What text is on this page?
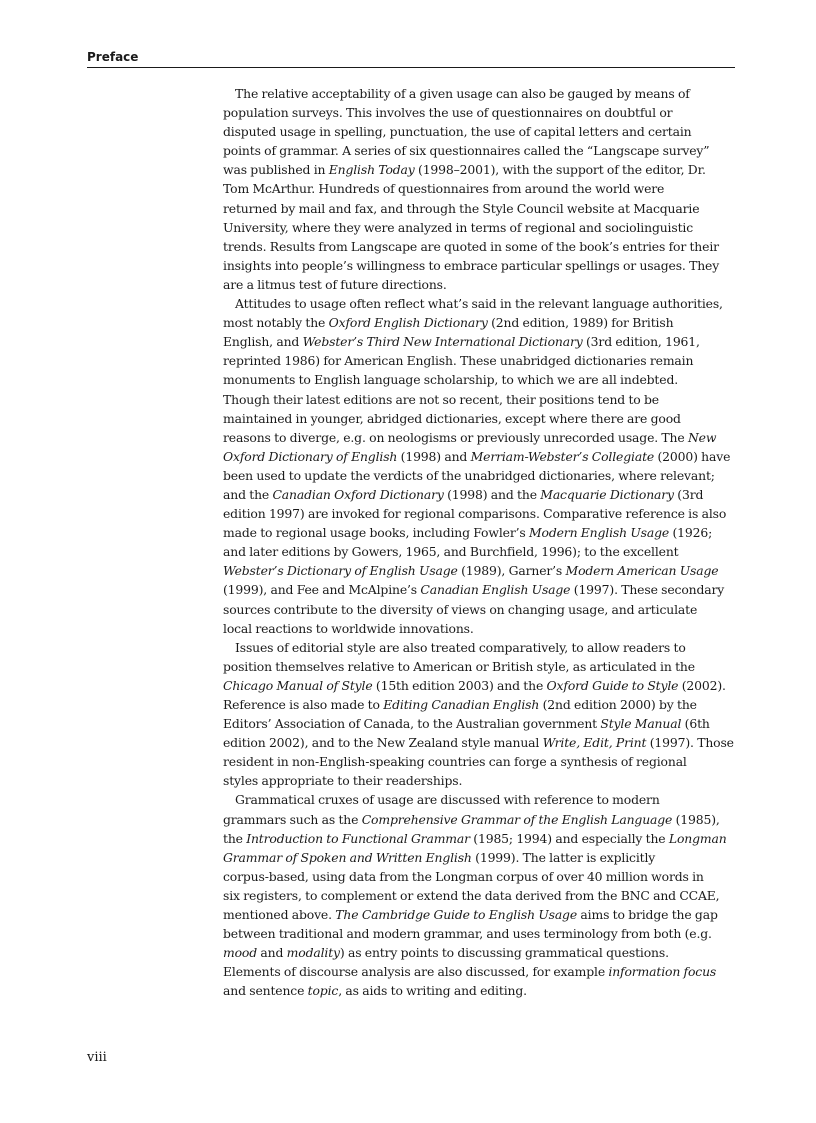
Preface

The relative acceptability of a given usage can also be gauged by means of
population surveys. This involves the use of questionnaires on doubtful or
disputed usage in spelling, punctuation, the use of capital letters and certain
points of grammar. A series of six questionnaires called the “Langscape survey”
was published in English Today (1998–2001), with the support of the editor, Dr.
Tom McArthur. Hundreds of questionnaires from around the world were
returned by mail and fax, and through the Style Council website at Macquarie
University, where they were analyzed in terms of regional and sociolinguistic
trends. Results from Langscape are quoted in some of the book’s entries for their
insights into people’s willingness to embrace particular spellings or usages. They
are a litmus test of future directions.

Attitudes to usage often reflect what’s said in the relevant language authorities,
most notably the Oxford English Dictionary (2nd edition, 1989) for British
English, and Webster’s Third New International Dictionary (3rd edition, 1961,
reprinted 1986) for American English. These unabridged dictionaries remain
monuments to English language scholarship, to which we are all indebted.
Though their latest editions are not so recent, their positions tend to be
maintained in younger, abridged dictionaries, except where there are good
reasons to diverge, e.g. on neologisms or previously unrecorded usage. The New
Oxford Dictionary of English (1998) and Merriam-Webster’s Collegiate (2000) have
been used to update the verdicts of the unabridged dictionaries, where relevant;
and the Canadian Oxford Dictionary (1998) and the Macquarie Dictionary (3rd
edition 1997) are invoked for regional comparisons. Comparative reference is also
made to regional usage books, including Fowler’s Modern English Usage (1926;
and later editions by Gowers, 1965, and Burchfield, 1996); to the excellent
Webster’s Dictionary of English Usage (1989), Garner’s Modern American Usage
(1999), and Fee and McAlpine’s Canadian English Usage (1997). These secondary
sources contribute to the diversity of views on changing usage, and articulate
local reactions to worldwide innovations.

Issues of editorial style are also treated comparatively, to allow readers to
position themselves relative to American or British style, as articulated in the
Chicago Manual of Style (15th edition 2003) and the Oxford Guide to Style (2002).
Reference is also made to Editing Canadian English (2nd edition 2000) by the
Editors’ Association of Canada, to the Australian government Style Manual (6th
edition 2002), and to the New Zealand style manual Write, Edit, Print (1997). Those
resident in non-English-speaking countries can forge a synthesis of regional
styles appropriate to their readerships.

Grammatical cruxes of usage are discussed with reference to modern
grammars such as the Comprehensive Grammar of the English Language (1985),
the Introduction to Functional Grammar (1985; 1994) and especially the Longman
Grammar of Spoken and Written English (1999). The latter is explicitly
corpus-based, using data from the Longman corpus of over 40 million words in
six registers, to complement or extend the data derived from the BNC and CCAE,
mentioned above. The Cambridge Guide to English Usage aims to bridge the gap
between traditional and modern grammar, and uses terminology from both (e.g.
mood and modality) as entry points to discussing grammatical questions.
Elements of discourse analysis are also discussed, for example information focus
and sentence topic, as aids to writing and editing.

viii
